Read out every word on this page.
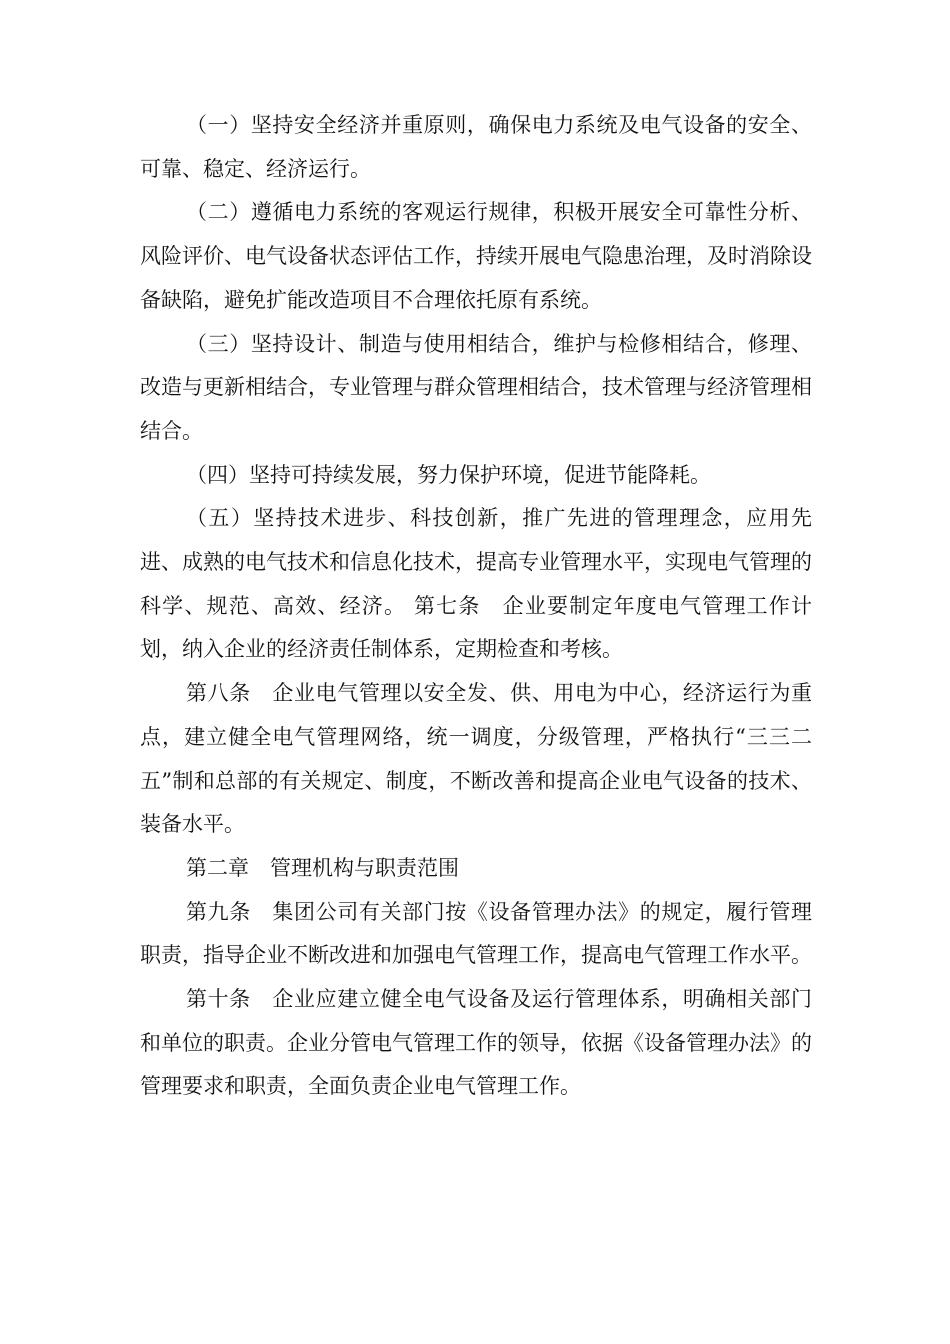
（一）坚持安全经济并重原则，确保电力系统及电气设备的安全、可靠、稳定、经济运行。

（二）遵循电力系统的客观运行规律，积极开展安全可靠性分析、风险评价、电气设备状态评估工作，持续开展电气隐患治理，及时消除设备缺陷，避免扩能改造项目不合理依托原有系统。

（三）坚持设计、制造与使用相结合，维护与检修相结合，修理、改造与更新相结合，专业管理与群众管理相结合，技术管理与经济管理相结合。

（四）坚持可持续发展，努力保护环境，促进节能降耗。

（五）坚持技术进步、科技创新，推广先进的管理理念，应用先进、成熟的电气技术和信息化技术，提高专业管理水平，实现电气管理的科学、规范、高效、经济。 第七条　企业要制定年度电气管理工作计划，纳入企业的经济责任制体系，定期检查和考核。

第八条　企业电气管理以安全发、供、用电为中心，经济运行为重点，建立健全电气管理网络，统一调度，分级管理，严格执行“三三二五”制和总部的有关规定、制度，不断改善和提高企业电气设备的技术、装备水平。

第二章　管理机构与职责范围

第九条　集团公司有关部门按《设备管理办法》的规定，履行管理职责，指导企业不断改进和加强电气管理工作，提高电气管理工作水平。

第十条　企业应建立健全电气设备及运行管理体系，明确相关部门和单位的职责。企业分管电气管理工作的领导，依据《设备管理办法》的管理要求和职责，全面负责企业电气管理工作。
